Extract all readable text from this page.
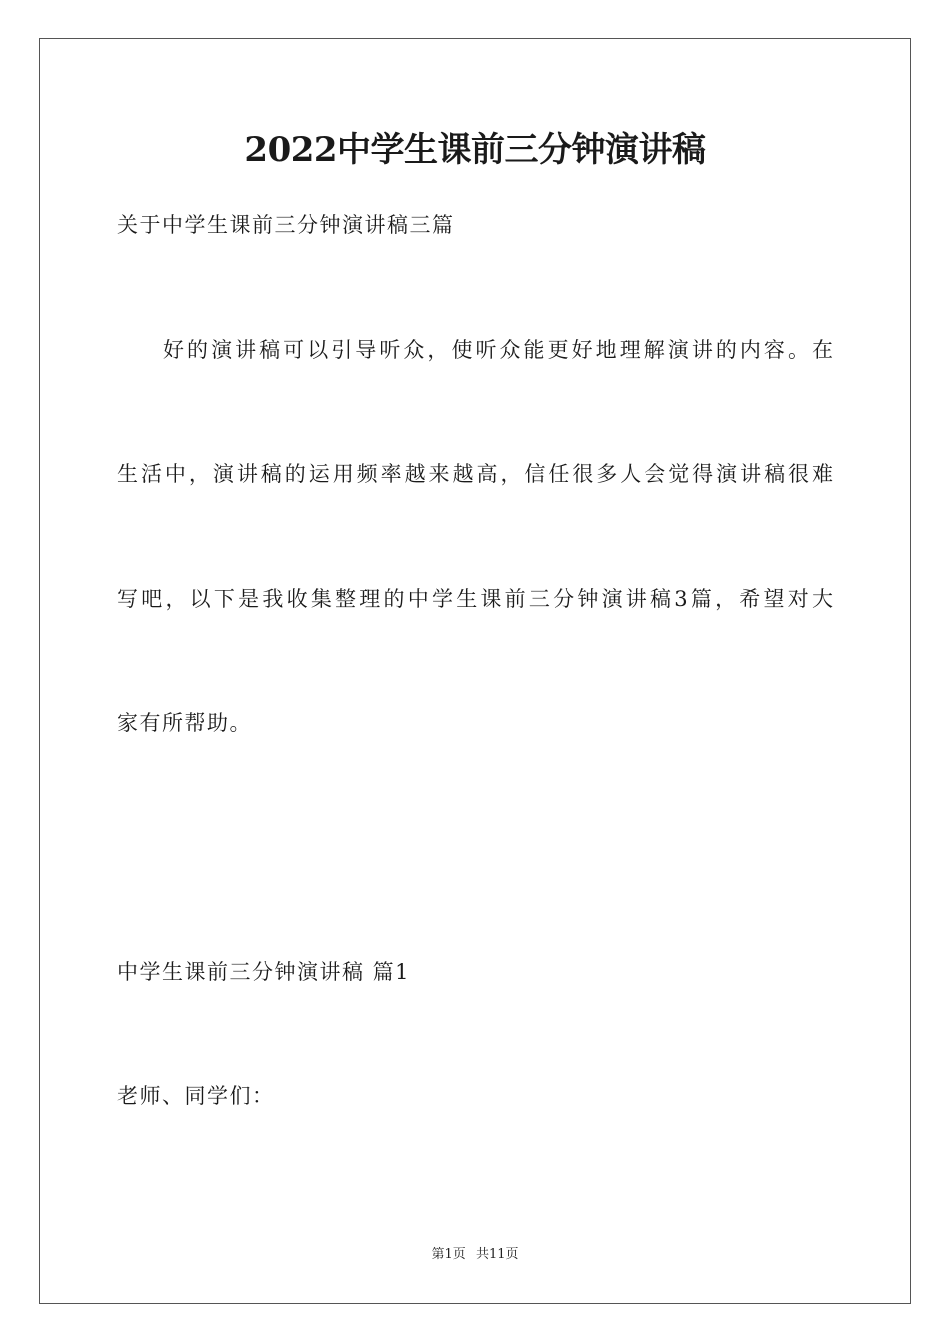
2022中学生课前三分钟演讲稿
关于中学生课前三分钟演讲稿三篇
好的演讲稿可以引导听众，使听众能更好地理解演讲的内容。在
生活中，演讲稿的运用频率越来越高，信任很多人会觉得演讲稿很难
写吧，以下是我收集整理的中学生课前三分钟演讲稿3篇，希望对大
家有所帮助。
中学生课前三分钟演讲稿 篇1
老师、同学们：
第1页 共11页
